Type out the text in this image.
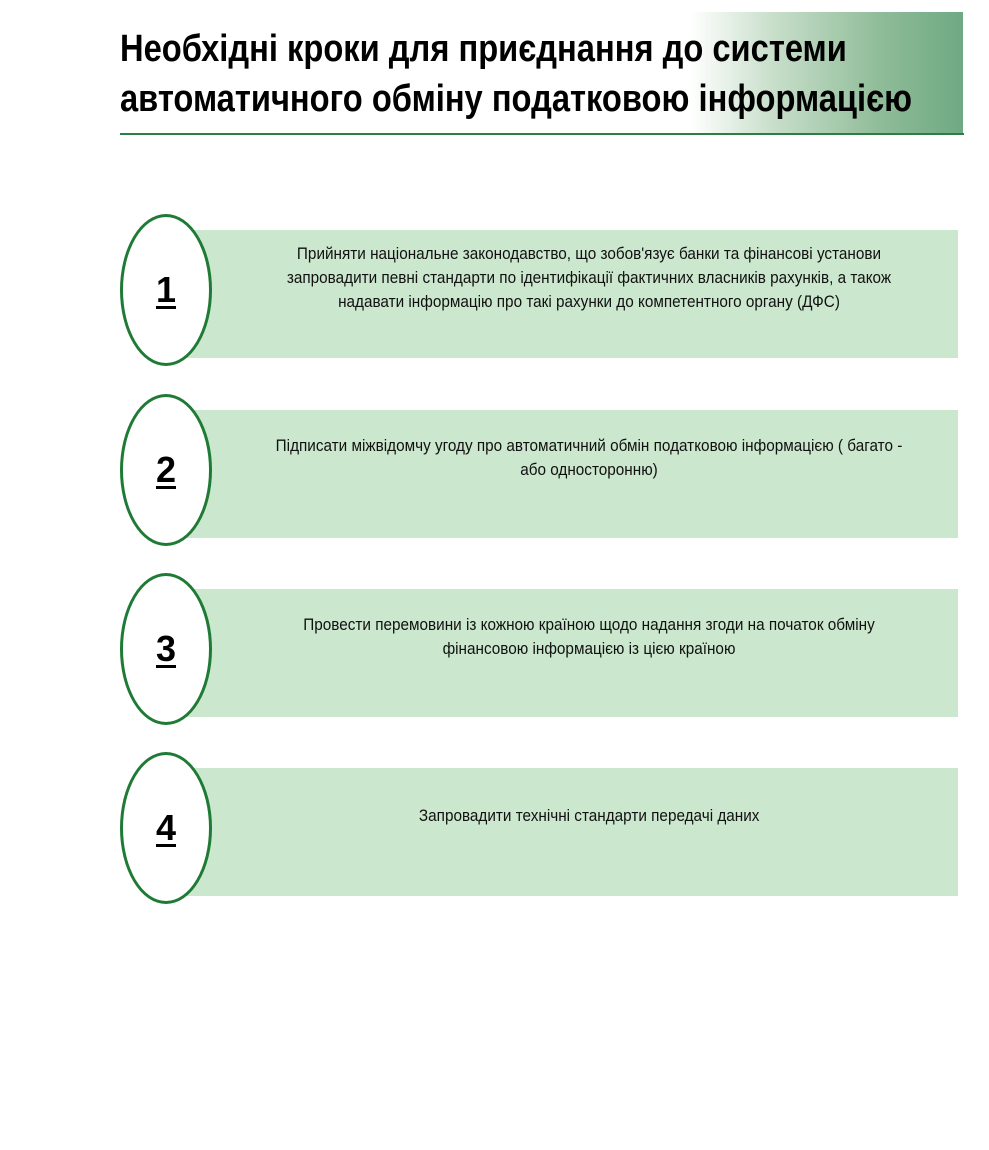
Необхідні кроки для приєднання до системи
автоматичного обміну податковою інформацією
Прийняти національне законодавство, що зобов'язує банки та фінансові установи запровадити певні стандарти по ідентифікації фактичних власників рахунків, а також надавати інформацію про такі рахунки до компетентного органу (ДФС)
1
Підписати міжвідомчу угоду про автоматичний обмін податковою інформацією ( багато - або односторонню)
2
Провести перемовини із кожною країною щодо надання згоди на початок обміну фінансовою інформацією із цією країною
3
Запровадити технічні стандарти передачі даних
4
